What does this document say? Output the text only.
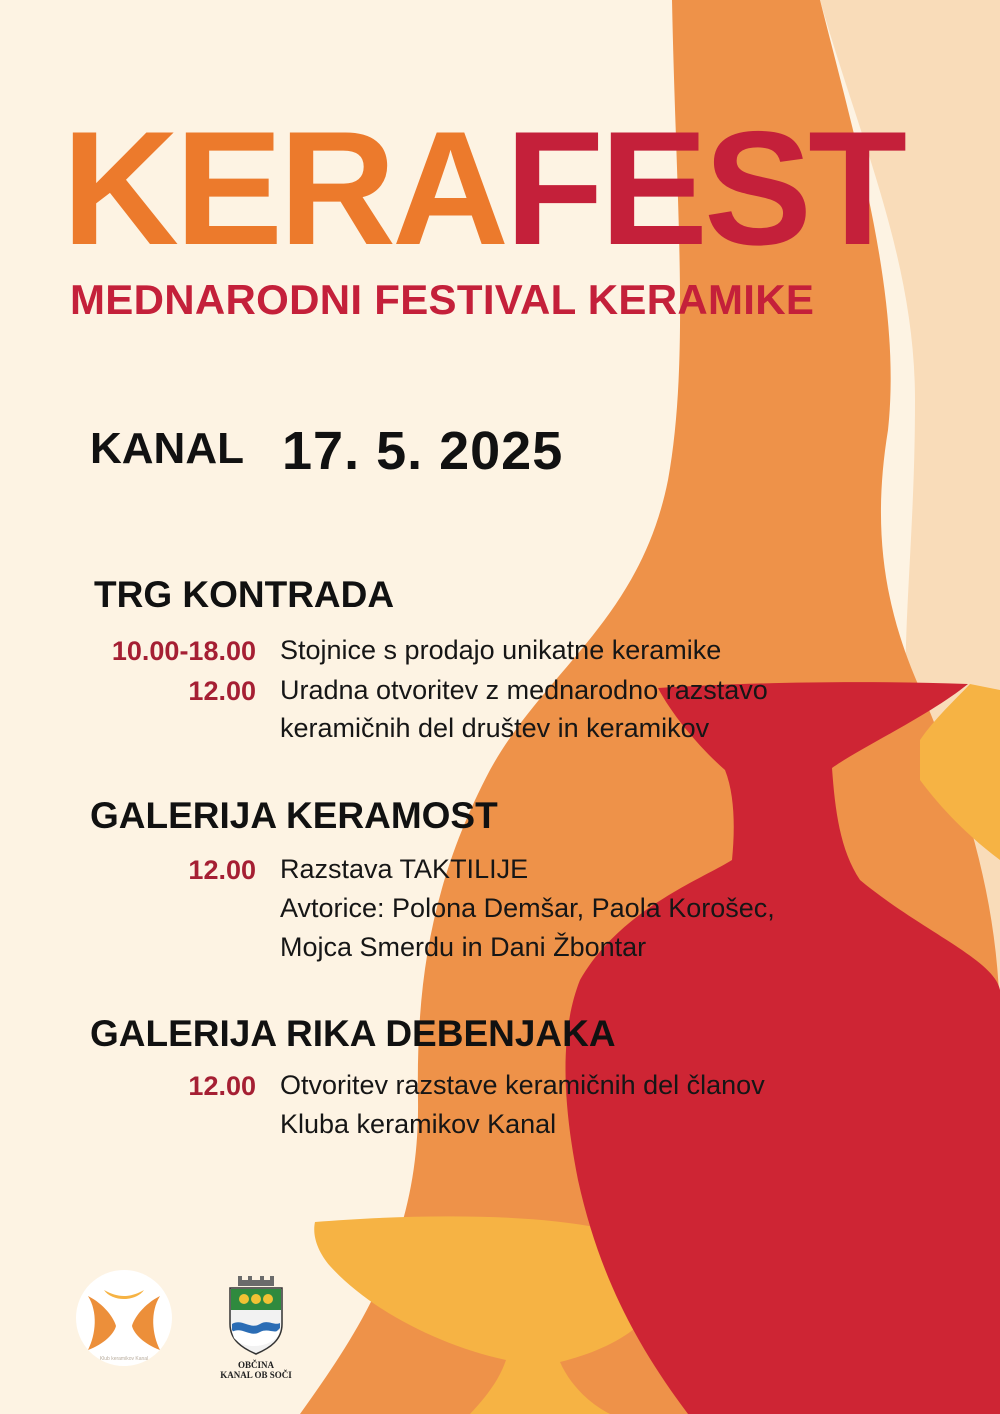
KERAFEST
MEDNARODNI FESTIVAL KERAMIKE
KANAL 17. 5. 2025
TRG KONTRADA
10.00-18.00 Stojnice s prodajo unikatne keramike
12.00 Uradna otvoritev z mednarodno razstavo
keramičnih del društev in keramikov
GALERIJA KERAMOST
12.00 Razstava TAKTILIJE
Avtorice: Polona Demšar, Paola Korošec,
Mojca Smerdu in Dani Žbontar
GALERIJA RIKA DEBENJAKA
12.00 Otvoritev razstave keramičnih del članov
Kluba keramikov Kanal
Klub keramikov Kanal
OBČINA
KANAL OB SOČI
